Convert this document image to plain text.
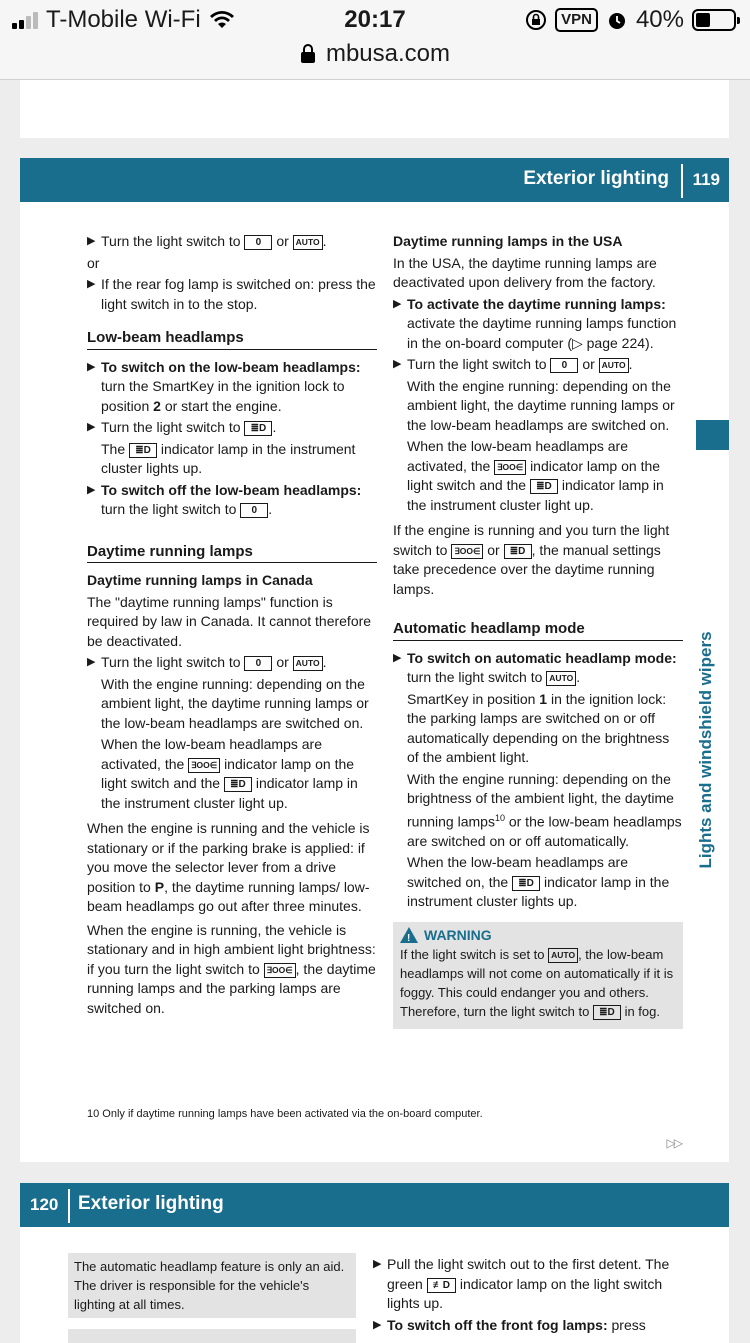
T-Mobile Wi-Fi	20:17	VPN 40%
mbusa.com
Exterior lighting 119

▶ Turn the light switch to 0 or AUTO .

or

▶ If the rear fog lamp is switched on: press the light switch in to the stop.

Low-beam headlamps

▶ To switch on the low-beam headlamps: turn the SmartKey in the ignition lock to position 2 or start the engine.

▶ Turn the light switch to ≣D .

The ≣D indicator lamp in the instrument cluster lights up.

▶ To switch off the low-beam headlamps: turn the light switch to 0 .

Daytime running lamps
Daytime running lamps in Canada

The "daytime running lamps" function is required by law in Canada. It cannot therefore be deactivated.

▶ Turn the light switch to 0 or AUTO .

With the engine running: depending on the ambient light, the daytime running lamps or the low-beam headlamps are switched on.

When the low-beam headlamps are activated, the ∃OO∈ indicator lamp on the light switch and the ≣D indicator lamp in the instrument cluster light up.

When the engine is running and the vehicle is stationary or if the parking brake is applied: if you move the selector lever from a drive position to P, the daytime running lamps/ low-beam headlamps go out after three minutes.

When the engine is running, the vehicle is stationary and in high ambient light brightness: if you turn the light switch to ∃OO∈ , the daytime running lamps and the parking lamps are switched on.

Daytime running lamps in the USA

In the USA, the daytime running lamps are deactivated upon delivery from the factory.

▶ To activate the daytime running lamps: activate the daytime running lamps function in the on-board computer (▷ page 224).

▶ Turn the light switch to 0 or AUTO .

With the engine running: depending on the ambient light, the daytime running lamps or the low-beam headlamps are switched on.

When the low-beam headlamps are activated, the ∃OO∈ indicator lamp on the light switch and the ≣D indicator lamp in the instrument cluster light up.

If the engine is running and you turn the light switch to ∃OO∈ or ≣D , the manual settings take precedence over the daytime running lamps.

Automatic headlamp mode

▶ To switch on automatic headlamp mode: turn the light switch to AUTO .

SmartKey in position 1 in the ignition lock: the parking lamps are switched on or off automatically depending on the brightness of the ambient light.

With the engine running: depending on the brightness of the ambient light, the daytime running lamps$^{10}$ or the low-beam headlamps are switched on or off automatically.

When the low-beam headlamps are switched on, the ≣D indicator lamp in the instrument cluster lights up.

!
WARNING

If the light switch is set to AUTO , the low-beam headlamps will not come on automatically if it is foggy. This could endanger you and others. Therefore, turn the light switch to ≣D in fog.

Lights and windshield wipers
10 Only if daytime running lamps have been activated via the on-board computer.
▷▷
120 Exterior lighting
The automatic headlamp feature is only an aid. The driver is responsible for the vehicle's lighting at all times.

▶ Pull the light switch out to the first detent. The green ≢D indicator lamp on the light switch lights up.

▶ To switch off the front fog lamps: press
